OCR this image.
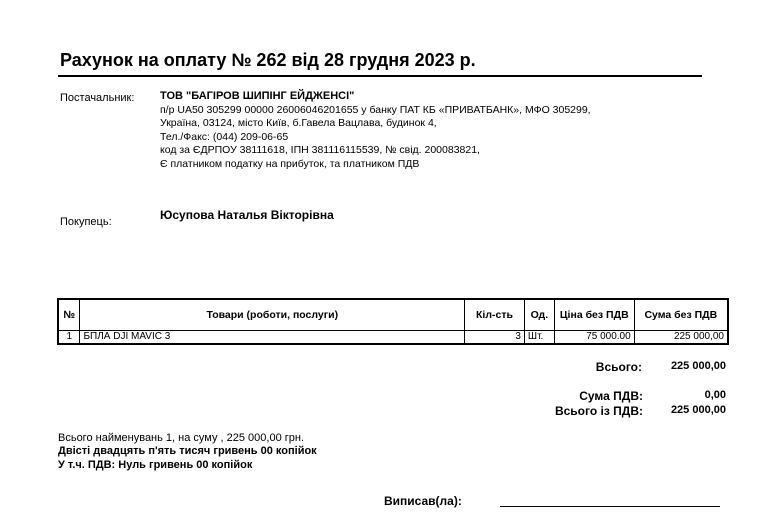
Рахунок на оплату № 262 від 28 грудня 2023 р.
Постачальник: ТОВ "БАГІРОВ ШИПІНГ ЕЙДЖЕНСІ"
п/р UA50 305299 00000 26006046201655 у банку ПАТ КБ «ПРИВАТБАНК», МФО 305299,
Україна, 03124, місто Київ, б.Гавела Вацлава, будинок 4,
Тел./Факс: (044) 209-06-65
код за ЄДРПОУ 38111618, ІПН 381116115539, № свід. 200083821,
Є платником податку на прибуток, та платником ПДВ
Покупець:	Юсупова Наталья Вікторівна
№	Товари (роботи, послуги)	Кіл-сть	Од.	Ціна без ПДВ	Сума без ПДВ
1	БПЛА DJI MAVIC 3	3	Шт.	75 000.00	225 000,00
Всього:	225 000,00
Сума ПДВ:	0,00
Всього із ПДВ:	225 000,00
Всього найменувань 1, на суму , 225 000,00 грн.
Двісті двадцять п'ять тисяч гривень 00 копійок
У т.ч. ПДВ: Нуль гривень 00 копійок
Виписав(ла):
